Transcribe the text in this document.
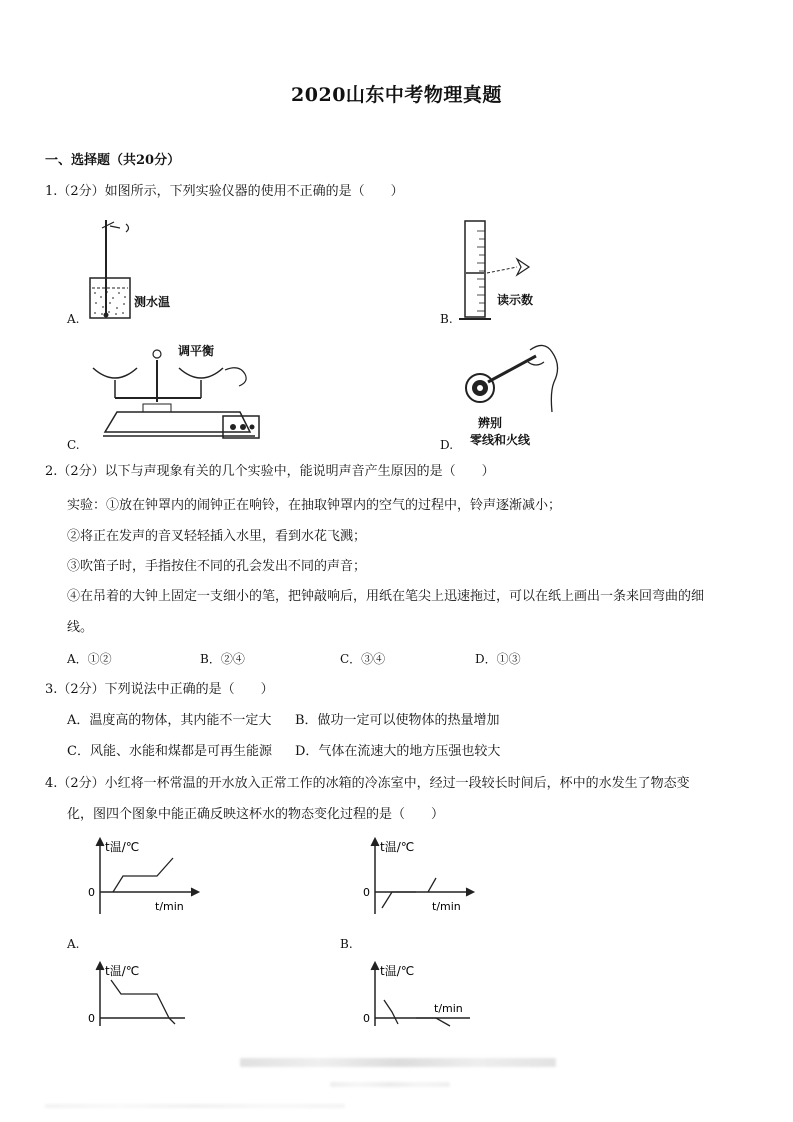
2020山东中考物理真题
一、选择题（共20分）
1.（2分）如图所示，下列实验仪器的使用不正确的是（　　）
测水温
A.
读示数
B.
调平衡
C.
辨别
零线和火线
D.
2.（2分）以下与声现象有关的几个实验中，能说明声音产生原因的是（　　）
实验：①放在钟罩内的闹钟正在响铃，在抽取钟罩内的空气的过程中，铃声逐渐减小；
②将正在发声的音叉轻轻插入水里，看到水花飞溅；
③吹笛子时，手指按住不同的孔会发出不同的声音；
④在吊着的大钟上固定一支细小的笔，把钟敲响后，用纸在笔尖上迅速拖过，可以在纸上画出一条来回弯曲的细
线。
A．①②	B．②④	C．③④	D．①③
3.（2分）下列说法中正确的是（　　）
A．温度高的物体，其内能不一定大 B．做功一定可以使物体的热量增加
C．风能、水能和煤都是可再生能源 D．气体在流速大的地方压强也较大
4.（2分）小红将一杯常温的开水放入正常工作的冰箱的冷冻室中，经过一段较长时间后，杯中的水发生了物态变
化，图四个图象中能正确反映这杯水的物态变化过程的是（　　）
t温/℃
0
t/min
A.
t温/℃
0
t/min
B.
t温/℃
0
t温/℃
0
t/min
